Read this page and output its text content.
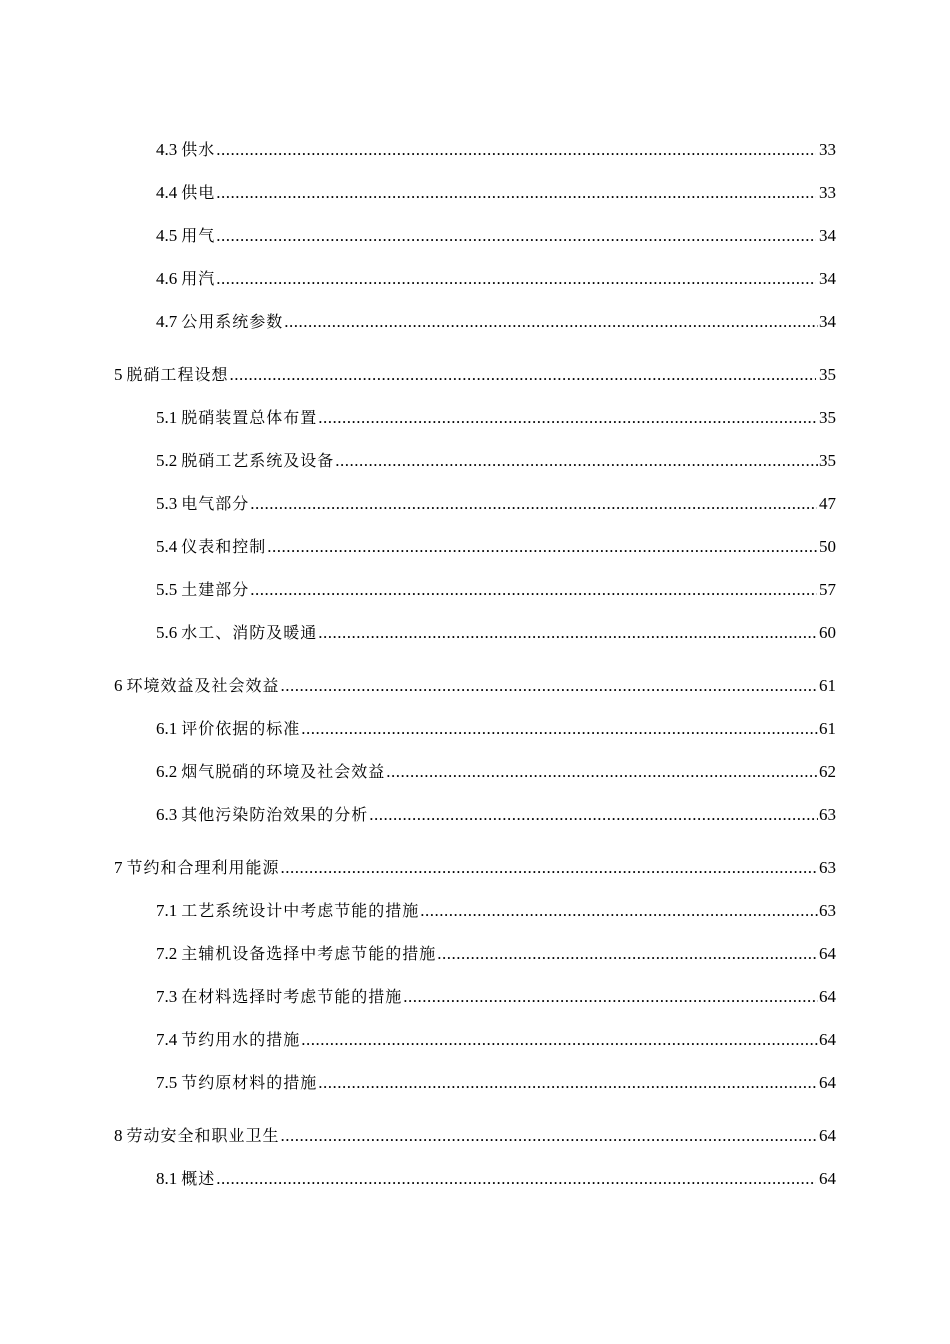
4.3 供水 .....	33
4.4 供电 .....	33
4.5 用气 .....	34
4.6 用汽 .....	34
4.7 公用系统参数 .....	34
5 脱硝工程设想 .....	35
5.1 脱硝装置总体布置 .....	35
5.2 脱硝工艺系统及设备 .....	35
5.3 电气部分 .....	47
5.4 仪表和控制 .....	50
5.5 土建部分 .....	57
5.6 水工、消防及暖通 .....	60
6 环境效益及社会效益 .....	61
6.1 评价依据的标准 .....	61
6.2 烟气脱硝的环境及社会效益 .....	62
6.3 其他污染防治效果的分析 .....	63
7 节约和合理利用能源 .....	63
7.1 工艺系统设计中考虑节能的措施 .....	63
7.2 主辅机设备选择中考虑节能的措施 .....	64
7.3 在材料选择时考虑节能的措施 .....	64
7.4 节约用水的措施 .....	64
7.5 节约原材料的措施 .....	64
8 劳动安全和职业卫生 .....	64
8.1 概述 .....	64
